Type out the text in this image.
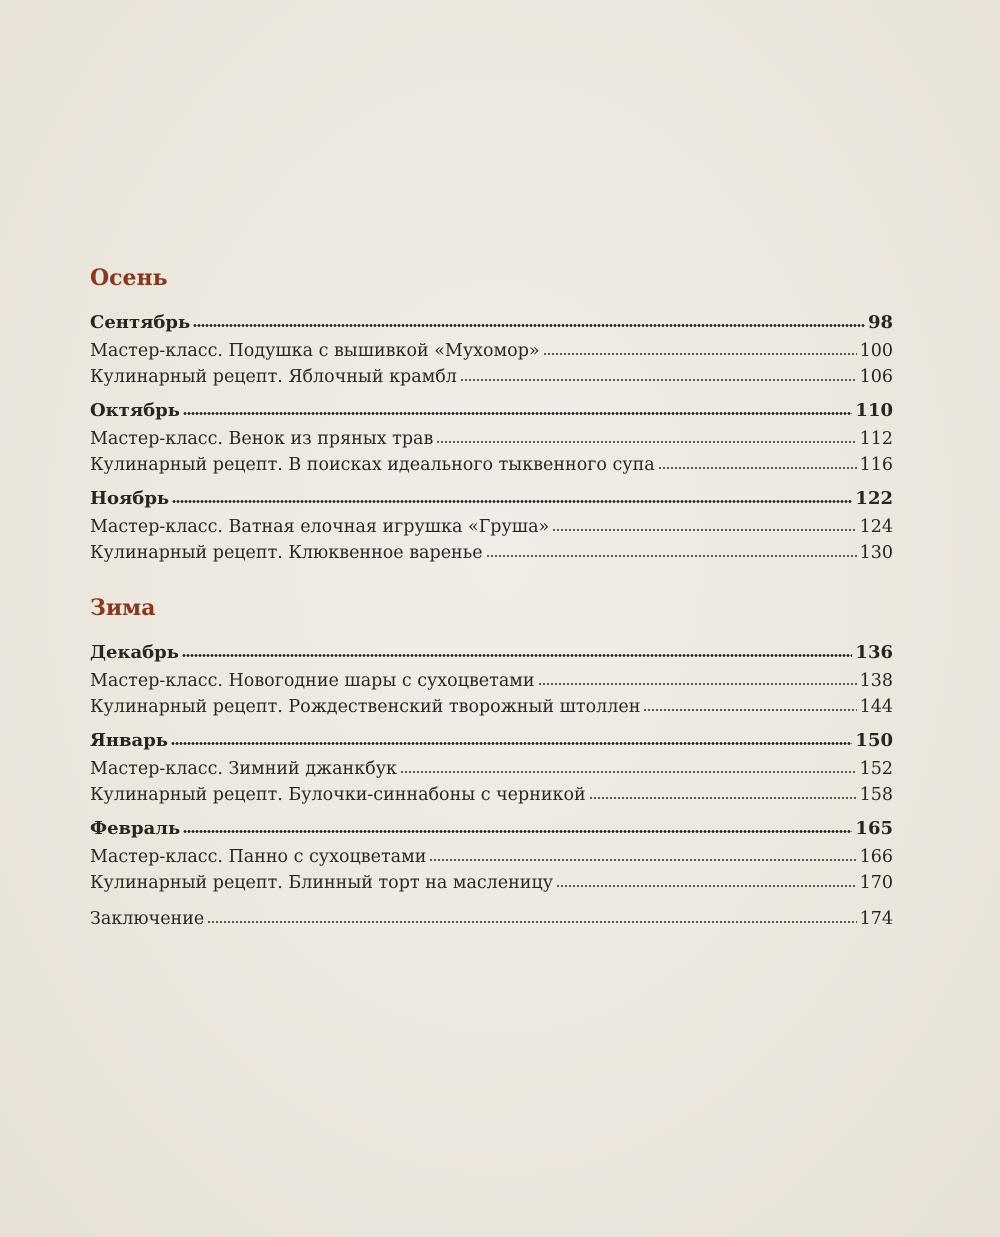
Осень
Сентябрь	98
Мастер-класс. Подушка с вышивкой «Мухомор»	100
Кулинарный рецепт. Яблочный крамбл	106
Октябрь	110
Мастер-класс. Венок из пряных трав	112
Кулинарный рецепт. В поисках идеального тыквенного супа	116
Ноябрь	122
Мастер-класс. Ватная елочная игрушка «Груша»	124
Кулинарный рецепт. Клюквенное варенье	130
Зима
Декабрь	136
Мастер-класс. Новогодние шары с сухоцветами	138
Кулинарный рецепт. Рождественский творожный штоллен	144
Январь	150
Мастер-класс. Зимний джанкбук	152
Кулинарный рецепт. Булочки-синнабоны с черникой	158
Февраль	165
Мастер-класс. Панно с сухоцветами	166
Кулинарный рецепт. Блинный торт на масленицу	170
Заключение	174
